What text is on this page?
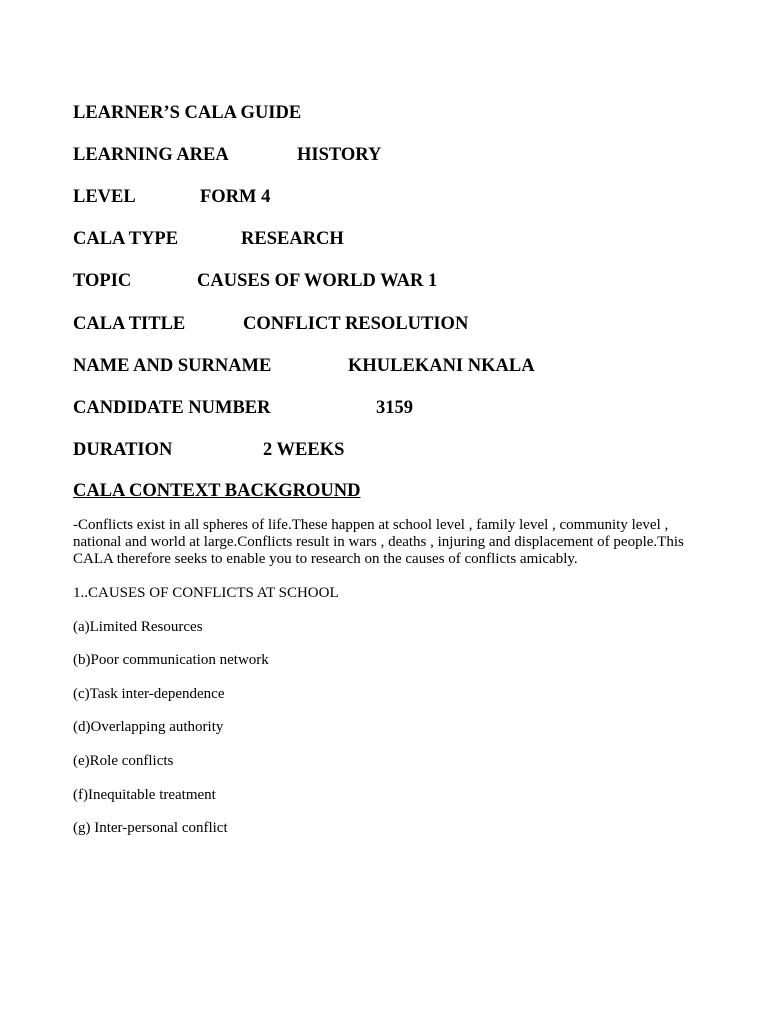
LEARNER’S CALA GUIDE
LEARNING AREA	HISTORY
LEVEL	FORM 4
CALA TYPE	RESEARCH
TOPIC	CAUSES OF WORLD WAR 1
CALA TITLE	CONFLICT RESOLUTION
NAME AND SURNAME	KHULEKANI NKALA
CANDIDATE NUMBER	3159
DURATION	2 WEEKS
CALA CONTEXT BACKGROUND
-Conflicts exist in all spheres of life.These happen at school level , family level , community level , national and world at large.Conflicts result in wars , deaths , injuring and displacement of people.This CALA therefore seeks to enable you to research on the causes of conflicts amicably.
1..CAUSES OF CONFLICTS AT SCHOOL
(a)Limited Resources
(b)Poor communication network
(c)Task inter-dependence
(d)Overlapping authority
(e)Role conflicts
(f)Inequitable treatment
(g) Inter-personal conflict
